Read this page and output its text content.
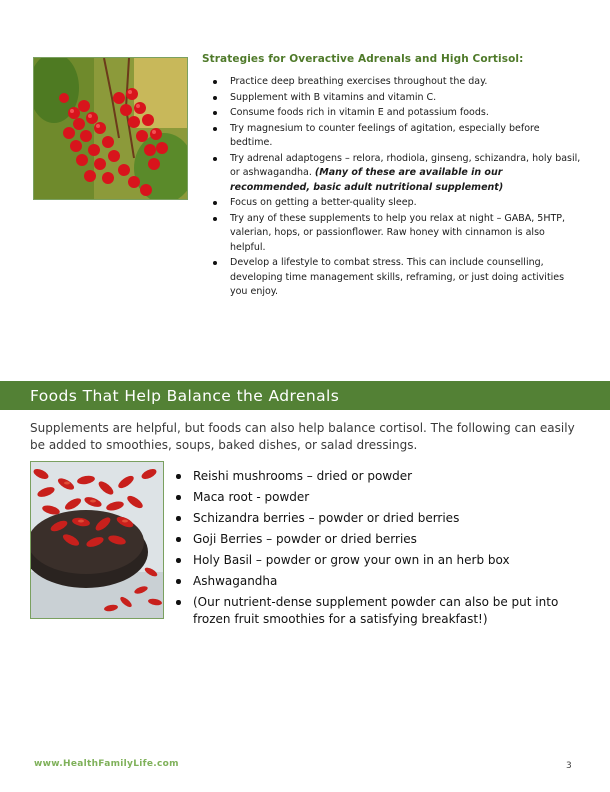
Strategies for Overactive Adrenals and High Cortisol:
Practice deep breathing exercises throughout the day.
Supplement with B vitamins and vitamin C.
Consume foods rich in vitamin E and potassium foods.
Try magnesium to counter feelings of agitation, especially before bedtime.
Try adrenal adaptogens – relora, rhodiola, ginseng, schizandra, holy basil, or ashwagandha. (Many of these are available in our recommended, basic adult nutritional supplement)
Focus on getting a better-quality sleep.
Try any of these supplements to help you relax at night – GABA, 5HTP, valerian, hops, or passionflower. Raw honey with cinnamon is also helpful.
Develop a lifestyle to combat stress. This can include counselling, developing time management skills, reframing, or just doing activities you enjoy.
Foods That Help Balance the Adrenals

Supplements are helpful, but foods can also help balance cortisol. The following can easily be added to smoothies, soups, baked dishes, or salad dressings.

Reishi mushrooms – dried or powder
Maca root - powder
Schizandra berries – powder or dried berries
Goji Berries – powder or dried berries
Holy Basil – powder or grow your own in an herb box
Ashwagandha
(Our nutrient-dense supplement powder can also be put into frozen fruit smoothies for a satisfying breakfast!)
www.HealthFamilyLife.com	3
